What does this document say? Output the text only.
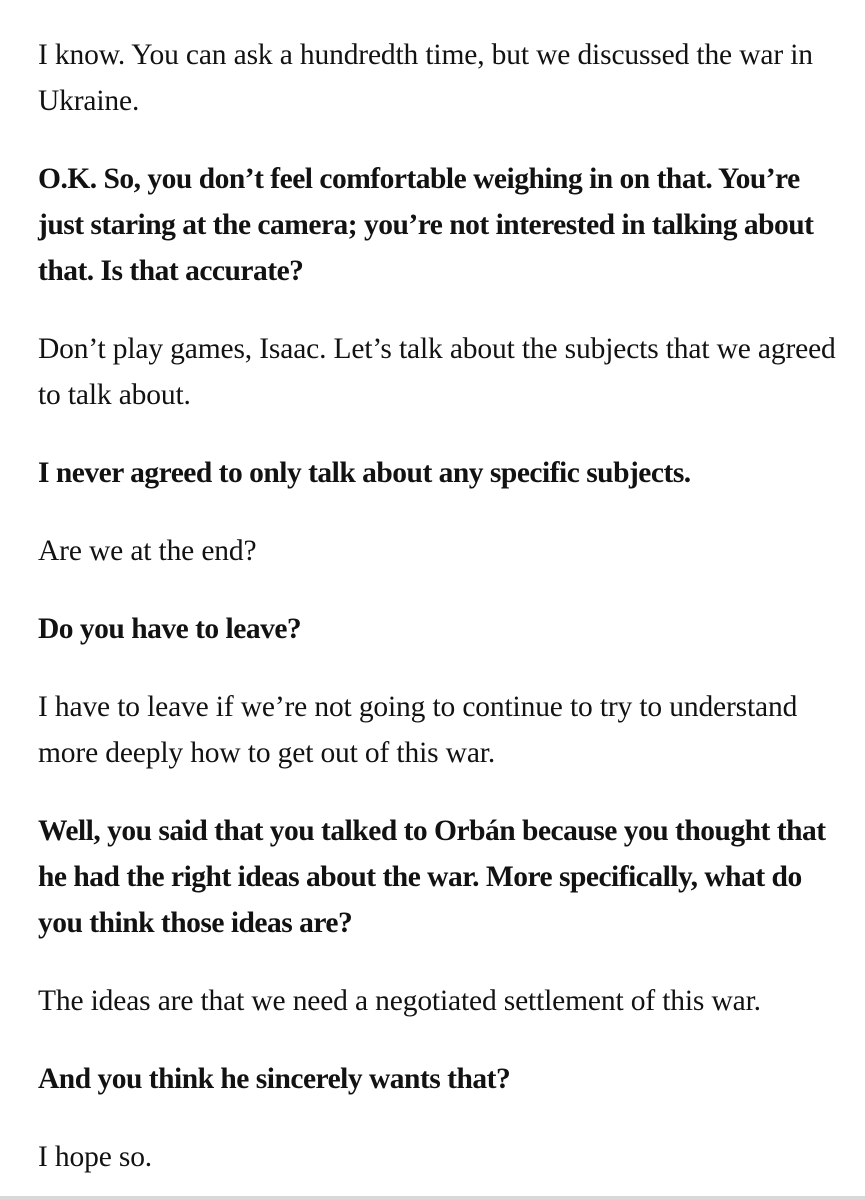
I know. You can ask a hundredth time, but we discussed the war in Ukraine.

O.K. So, you don’t feel comfortable weighing in on that. You’re just staring at the camera; you’re not interested in talking about that. Is that accurate?

Don’t play games, Isaac. Let’s talk about the subjects that we agreed to talk about.

I never agreed to only talk about any specific subjects.

Are we at the end?

Do you have to leave?

I have to leave if we’re not going to continue to try to understand more deeply how to get out of this war.

Well, you said that you talked to Orbán because you thought that he had the right ideas about the war. More specifically, what do you think those ideas are?

The ideas are that we need a negotiated settlement of this war.

And you think he sincerely wants that?

I hope so.
